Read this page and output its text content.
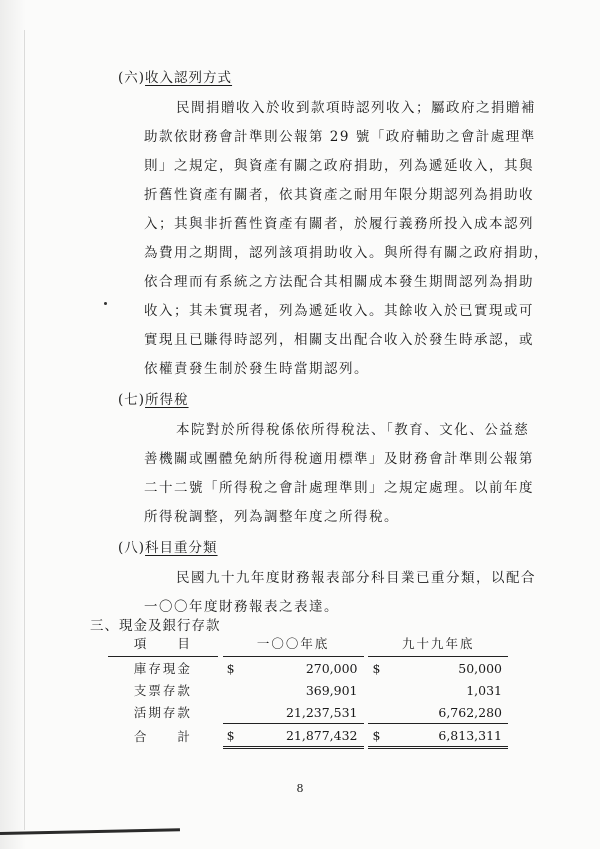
(六)收入認列方式
民間捐贈收入於收到款項時認列收入；屬政府之捐贈補
助款依財務會計準則公報第 29 號「政府輔助之會計處理準
則」之規定，與資產有關之政府捐助，列為遞延收入，其與
折舊性資產有關者，依其資產之耐用年限分期認列為捐助收
入；其與非折舊性資產有關者，於履行義務所投入成本認列
為費用之期間，認列該項捐助收入。與所得有關之政府捐助，
依合理而有系統之方法配合其相關成本發生期間認列為捐助
收入；其未實現者，列為遞延收入。其餘收入於已實現或可
實現且已賺得時認列，相關支出配合收入於發生時承認，或
依權責發生制於發生時當期認列。
(七)所得稅
本院對於所得稅係依所得稅法、「教育、文化、公益慈
善機關或團體免納所得稅適用標準」及財務會計準則公報第
二十二號「所得稅之會計處理準則」之規定處理。以前年度
所得稅調整，列為調整年度之所得稅。
(八)科目重分類
民國九十九年度財務報表部分科目業已重分類，以配合
一〇〇年度財務報表之表達。
三、現金及銀行存款
項　　目		一〇〇年底			九十九年底	
庫存現金		$	270,000		$	50,000
支票存款			369,901			1,031
活期存款			21,237,531			6,762,280
合　　計		$	21,877,432		$	6,813,311
8
